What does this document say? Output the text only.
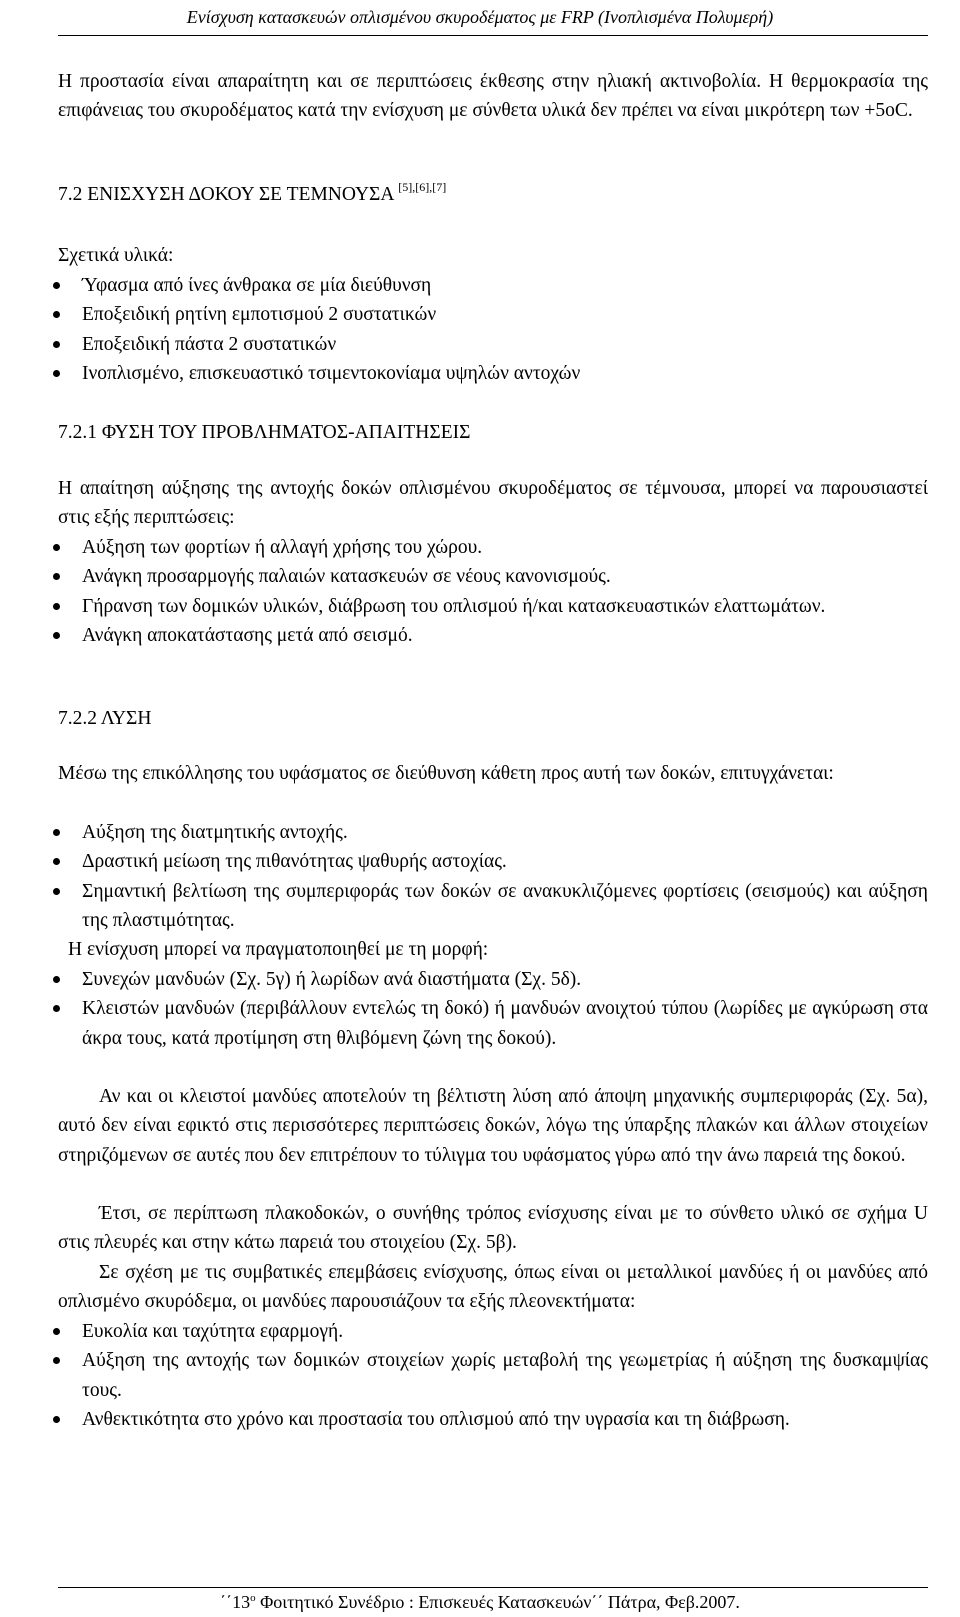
Ενίσχυση κατασκευών οπλισμένου σκυροδέματος με FRP (Ινοπλισμένα Πολυμερή)

Η προστασία είναι απαραίτητη και σε περιπτώσεις έκθεσης στην ηλιακή ακτινοβολία. Η θερμοκρασία της επιφάνειας του σκυροδέματος κατά την ενίσχυση με σύνθετα υλικά δεν πρέπει να είναι μικρότερη των +5oC.

7.2 ΕΝΙΣΧΥΣΗ ΔΟΚΟΥ ΣΕ ΤΕΜΝΟΥΣΑ [5],[6],[7]
Σχετικά υλικά:
Ύφασμα από ίνες άνθρακα σε μία διεύθυνση
Εποξειδική ρητίνη εμποτισμού 2 συστατικών
Εποξειδική πάστα 2 συστατικών
Ινοπλισμένο, επισκευαστικό τσιμεντοκονίαμα υψηλών αντοχών
7.2.1 ΦΥΣΗ ΤΟΥ ΠΡΟΒΛΗΜΑΤΟΣ-ΑΠΑΙΤΗΣΕΙΣ

Η απαίτηση αύξησης της αντοχής δοκών οπλισμένου σκυροδέματος σε τέμνουσα, μπορεί να παρουσιαστεί στις εξής περιπτώσεις:

Αύξηση των φορτίων ή αλλαγή χρήσης του χώρου.
Ανάγκη προσαρμογής παλαιών κατασκευών σε νέους κανονισμούς.
Γήρανση των δομικών υλικών, διάβρωση του οπλισμού ή/και κατασκευαστικών ελαττωμάτων.
Ανάγκη αποκατάστασης μετά από σεισμό.
7.2.2 ΛΥΣΗ

Μέσω της επικόλλησης του υφάσματος σε διεύθυνση κάθετη προς αυτή των δοκών, επιτυγχάνεται:

Αύξηση της διατμητικής αντοχής.
Δραστική μείωση της πιθανότητας ψαθυρής αστοχίας.
Σημαντική βελτίωση της συμπεριφοράς των δοκών σε ανακυκλιζόμενες φορτίσεις (σεισμούς) και αύξηση της πλαστιμότητας.
Η ενίσχυση μπορεί να πραγματοποιηθεί με τη μορφή:
Συνεχών μανδυών (Σχ. 5γ) ή λωρίδων ανά διαστήματα (Σχ. 5δ).
Κλειστών μανδυών (περιβάλλουν εντελώς τη δοκό) ή μανδυών ανοιχτού τύπου (λωρίδες με αγκύρωση στα άκρα τους, κατά προτίμηση στη θλιβόμενη ζώνη της δοκού).

Αν και οι κλειστοί μανδύες αποτελούν τη βέλτιστη λύση από άποψη μηχανικής συμπεριφοράς (Σχ. 5α), αυτό δεν είναι εφικτό στις περισσότερες περιπτώσεις δοκών, λόγω της ύπαρξης πλακών και άλλων στοιχείων στηριζόμενων σε αυτές που δεν επιτρέπουν το τύλιγμα του υφάσματος γύρω από την άνω παρειά της δοκού.

Έτσι, σε περίπτωση πλακοδοκών, ο συνήθης τρόπος ενίσχυσης είναι με το σύνθετο υλικό σε σχήμα U στις πλευρές και στην κάτω παρειά του στοιχείου (Σχ. 5β).

Σε σχέση με τις συμβατικές επεμβάσεις ενίσχυσης, όπως είναι οι μεταλλικοί μανδύες ή οι μανδύες από οπλισμένο σκυρόδεμα, οι μανδύες παρουσιάζουν τα εξής πλεονεκτήματα:

Ευκολία και ταχύτητα εφαρμογή.
Αύξηση της αντοχής των δομικών στοιχείων χωρίς μεταβολή της γεωμετρίας ή αύξηση της δυσκαμψίας τους.
Ανθεκτικότητα στο χρόνο και προστασία του οπλισμού από την υγρασία και τη διάβρωση.
$΄΄13^o$ Φοιτητικό Συνέδριο : Επισκευές Κατασκευών΄΄ Πάτρα, Φεβ.2007.
